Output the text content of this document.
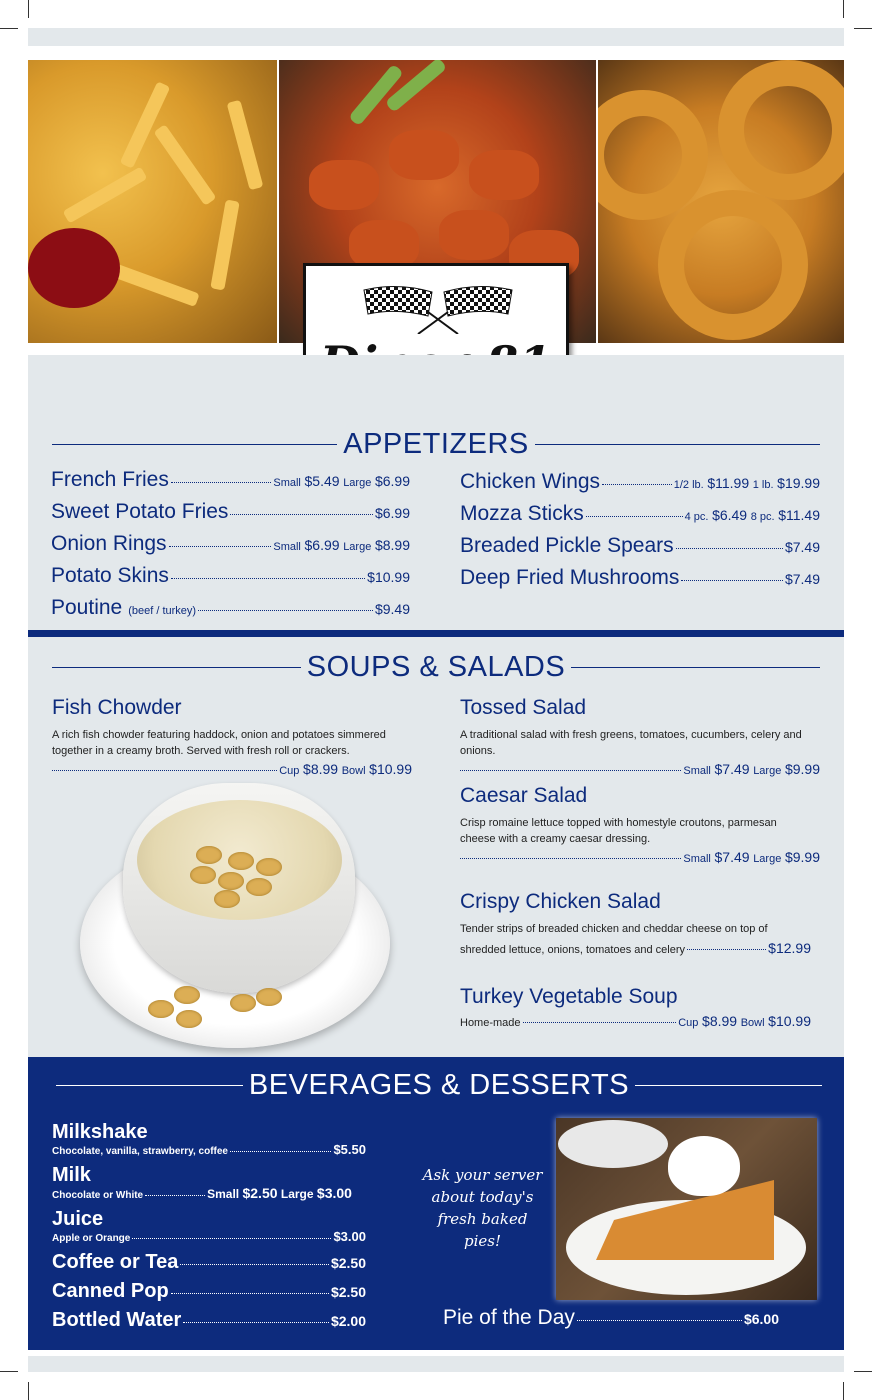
APPETIZERS
French Fries	Small $5.49 Large $6.99
Sweet Potato Fries	$6.99
Onion Rings	Small $6.99 Large $8.99
Potato Skins	$10.99
Poutine (beef / turkey)	$9.49
Chicken Wings	1/2 lb. $11.99 1 lb. $19.99
Mozza Sticks	4 pc. $6.49 8 pc. $11.49
Breaded Pickle Spears	$7.49
Deep Fried Mushrooms	$7.49
SOUPS & SALADS
Fish Chowder
A rich fish chowder featuring haddock, onion and potatoes simmered together in a creamy broth. Served with fresh roll or crackers.
Cup $8.99 Bowl $10.99
Tossed Salad
A traditional salad with fresh greens, tomatoes, cucumbers, celery and onions.
Small $7.49 Large $9.99
Caesar Salad
Crisp romaine lettuce topped with homestyle croutons, parmesan cheese with a creamy caesar dressing.
Small $7.49 Large $9.99
Crispy Chicken Salad
Tender strips of breaded chicken and cheddar cheese on top of
shredded lettuce, onions, tomatoes and celery	$12.99
Turkey Vegetable Soup
Home-made	Cup $8.99 Bowl $10.99
BEVERAGES & DESSERTS
Milkshake
Chocolate, vanilla, strawberry, coffee	$5.50
Milk
Chocolate or White	Small $2.50 Large $3.00
Juice
Apple or Orange	$3.00
Coffee or Tea	$2.50
Canned Pop	$2.50
Bottled Water	$2.00
Ask your server about today's fresh baked pies!
Pie of the Day	$6.00
